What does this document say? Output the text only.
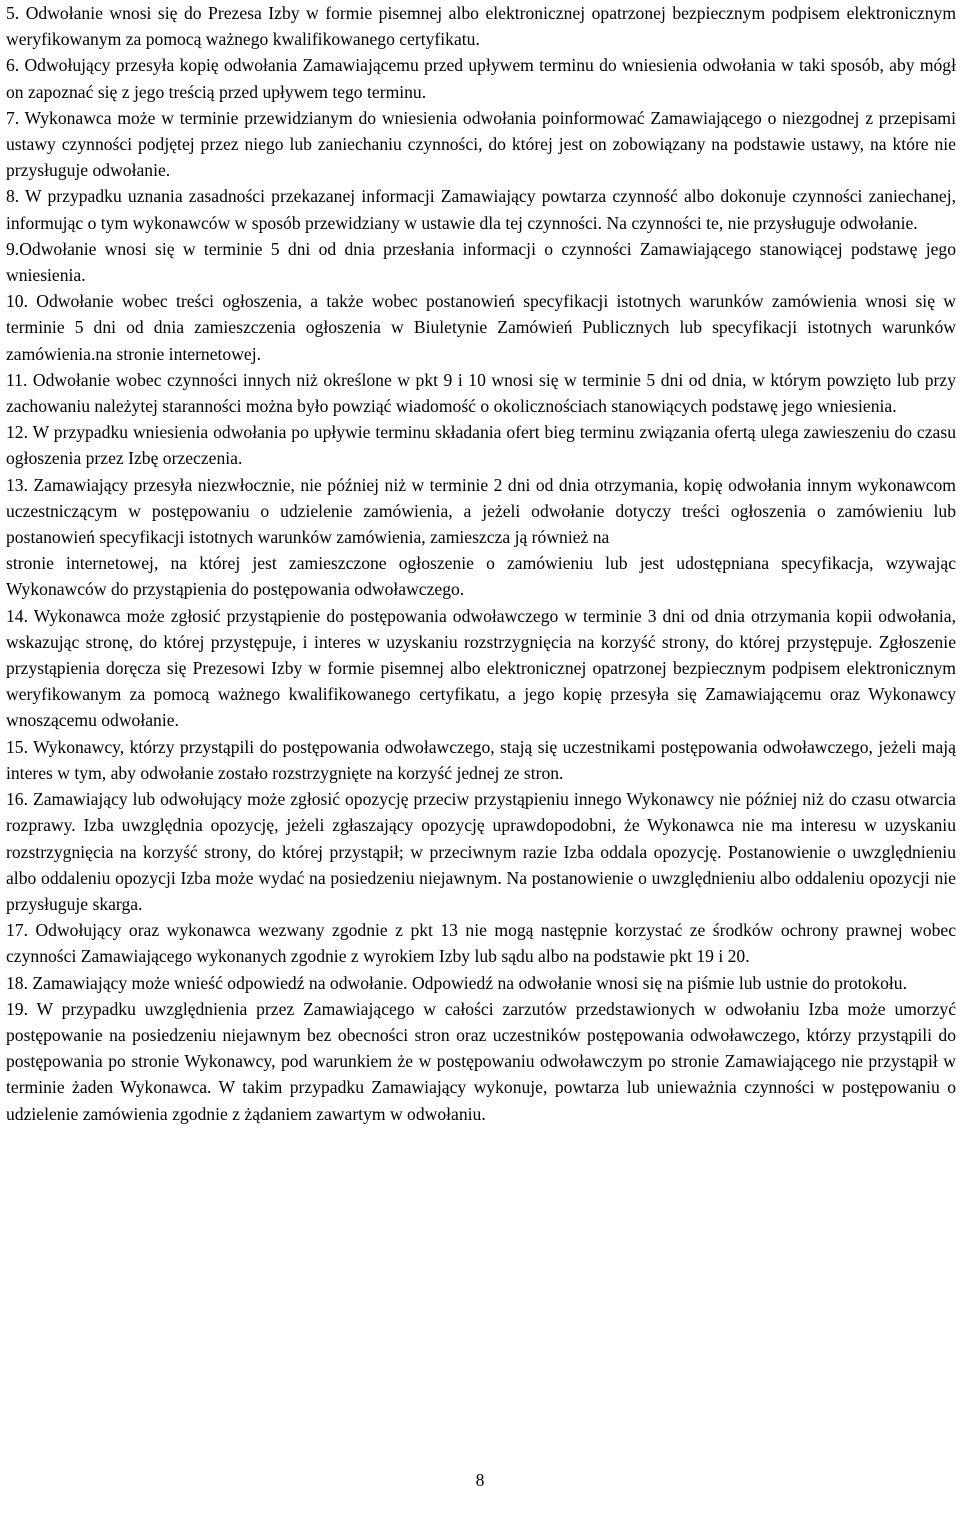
5. Odwołanie wnosi się do Prezesa Izby w formie pisemnej albo elektronicznej opatrzonej bezpiecznym podpisem elektronicznym weryfikowanym za pomocą ważnego kwalifikowanego certyfikatu.

6. Odwołujący przesyła kopię odwołania Zamawiającemu przed upływem terminu do wniesienia odwołania w taki sposób, aby mógł on zapoznać się z jego treścią przed upływem tego terminu.

7. Wykonawca może w terminie przewidzianym do wniesienia odwołania poinformować Zamawiającego o niezgodnej z przepisami ustawy czynności podjętej przez niego lub zaniechaniu czynności, do której jest on zobowiązany na podstawie ustawy, na które nie przysługuje odwołanie.

8. W przypadku uznania zasadności przekazanej informacji Zamawiający powtarza czynność albo dokonuje czynności zaniechanej, informując o tym wykonawców w sposób przewidziany w ustawie dla tej czynności. Na czynności te, nie przysługuje odwołanie.

9.Odwołanie wnosi się w terminie 5 dni od dnia przesłania informacji o czynności Zamawiającego stanowiącej podstawę jego wniesienia.

10. Odwołanie wobec treści ogłoszenia, a także wobec postanowień specyfikacji istotnych warunków zamówienia wnosi się w terminie 5 dni od dnia zamieszczenia ogłoszenia w Biuletynie Zamówień Publicznych lub specyfikacji istotnych warunków zamówienia.na stronie internetowej.

11. Odwołanie wobec czynności innych niż określone w pkt 9 i 10 wnosi się w terminie 5 dni od dnia, w którym powzięto lub przy zachowaniu należytej staranności można było powziąć wiadomość o okolicznościach stanowiących podstawę jego wniesienia.

12. W przypadku wniesienia odwołania po upływie terminu składania ofert bieg terminu związania ofertą ulega zawieszeniu do czasu ogłoszenia przez Izbę orzeczenia.

13. Zamawiający przesyła niezwłocznie, nie później niż w terminie 2 dni od dnia otrzymania, kopię odwołania innym wykonawcom uczestniczącym w postępowaniu o udzielenie zamówienia, a jeżeli odwołanie dotyczy treści ogłoszenia o zamówieniu lub postanowień specyfikacji istotnych warunków zamówienia, zamieszcza ją również na

stronie internetowej, na której jest zamieszczone ogłoszenie o zamówieniu lub jest udostępniana specyfikacja, wzywając Wykonawców do przystąpienia do postępowania odwoławczego.

14. Wykonawca może zgłosić przystąpienie do postępowania odwoławczego w terminie 3 dni od dnia otrzymania kopii odwołania, wskazując stronę, do której przystępuje, i interes w uzyskaniu rozstrzygnięcia na korzyść strony, do której przystępuje. Zgłoszenie przystąpienia doręcza się Prezesowi Izby w formie pisemnej albo elektronicznej opatrzonej bezpiecznym podpisem elektronicznym weryfikowanym za pomocą ważnego kwalifikowanego certyfikatu, a jego kopię przesyła się Zamawiającemu oraz Wykonawcy wnoszącemu odwołanie.

15. Wykonawcy, którzy przystąpili do postępowania odwoławczego, stają się uczestnikami postępowania odwoławczego, jeżeli mają interes w tym, aby odwołanie zostało rozstrzygnięte na korzyść jednej ze stron.

16. Zamawiający lub odwołujący może zgłosić opozycję przeciw przystąpieniu innego Wykonawcy nie później niż do czasu otwarcia rozprawy. Izba uwzględnia opozycję, jeżeli zgłaszający opozycję uprawdopodobni, że Wykonawca nie ma interesu w uzyskaniu rozstrzygnięcia na korzyść strony, do której przystąpił; w przeciwnym razie Izba oddala opozycję. Postanowienie o uwzględnieniu albo oddaleniu opozycji Izba może wydać na posiedzeniu niejawnym. Na postanowienie o uwzględnieniu albo oddaleniu opozycji nie przysługuje skarga.

17. Odwołujący oraz wykonawca wezwany zgodnie z pkt 13 nie mogą następnie korzystać ze środków ochrony prawnej wobec czynności Zamawiającego wykonanych zgodnie z wyrokiem Izby lub sądu albo na podstawie pkt 19 i 20.

18. Zamawiający może wnieść odpowiedź na odwołanie. Odpowiedź na odwołanie wnosi się na piśmie lub ustnie do protokołu.

19. W przypadku uwzględnienia przez Zamawiającego w całości zarzutów przedstawionych w odwołaniu Izba może umorzyć postępowanie na posiedzeniu niejawnym bez obecności stron oraz uczestników postępowania odwoławczego, którzy przystąpili do postępowania po stronie Wykonawcy, pod warunkiem że w postępowaniu odwoławczym po stronie Zamawiającego nie przystąpił w terminie żaden Wykonawca. W takim przypadku Zamawiający wykonuje, powtarza lub unieważnia czynności w postępowaniu o udzielenie zamówienia zgodnie z żądaniem zawartym w odwołaniu.

8
